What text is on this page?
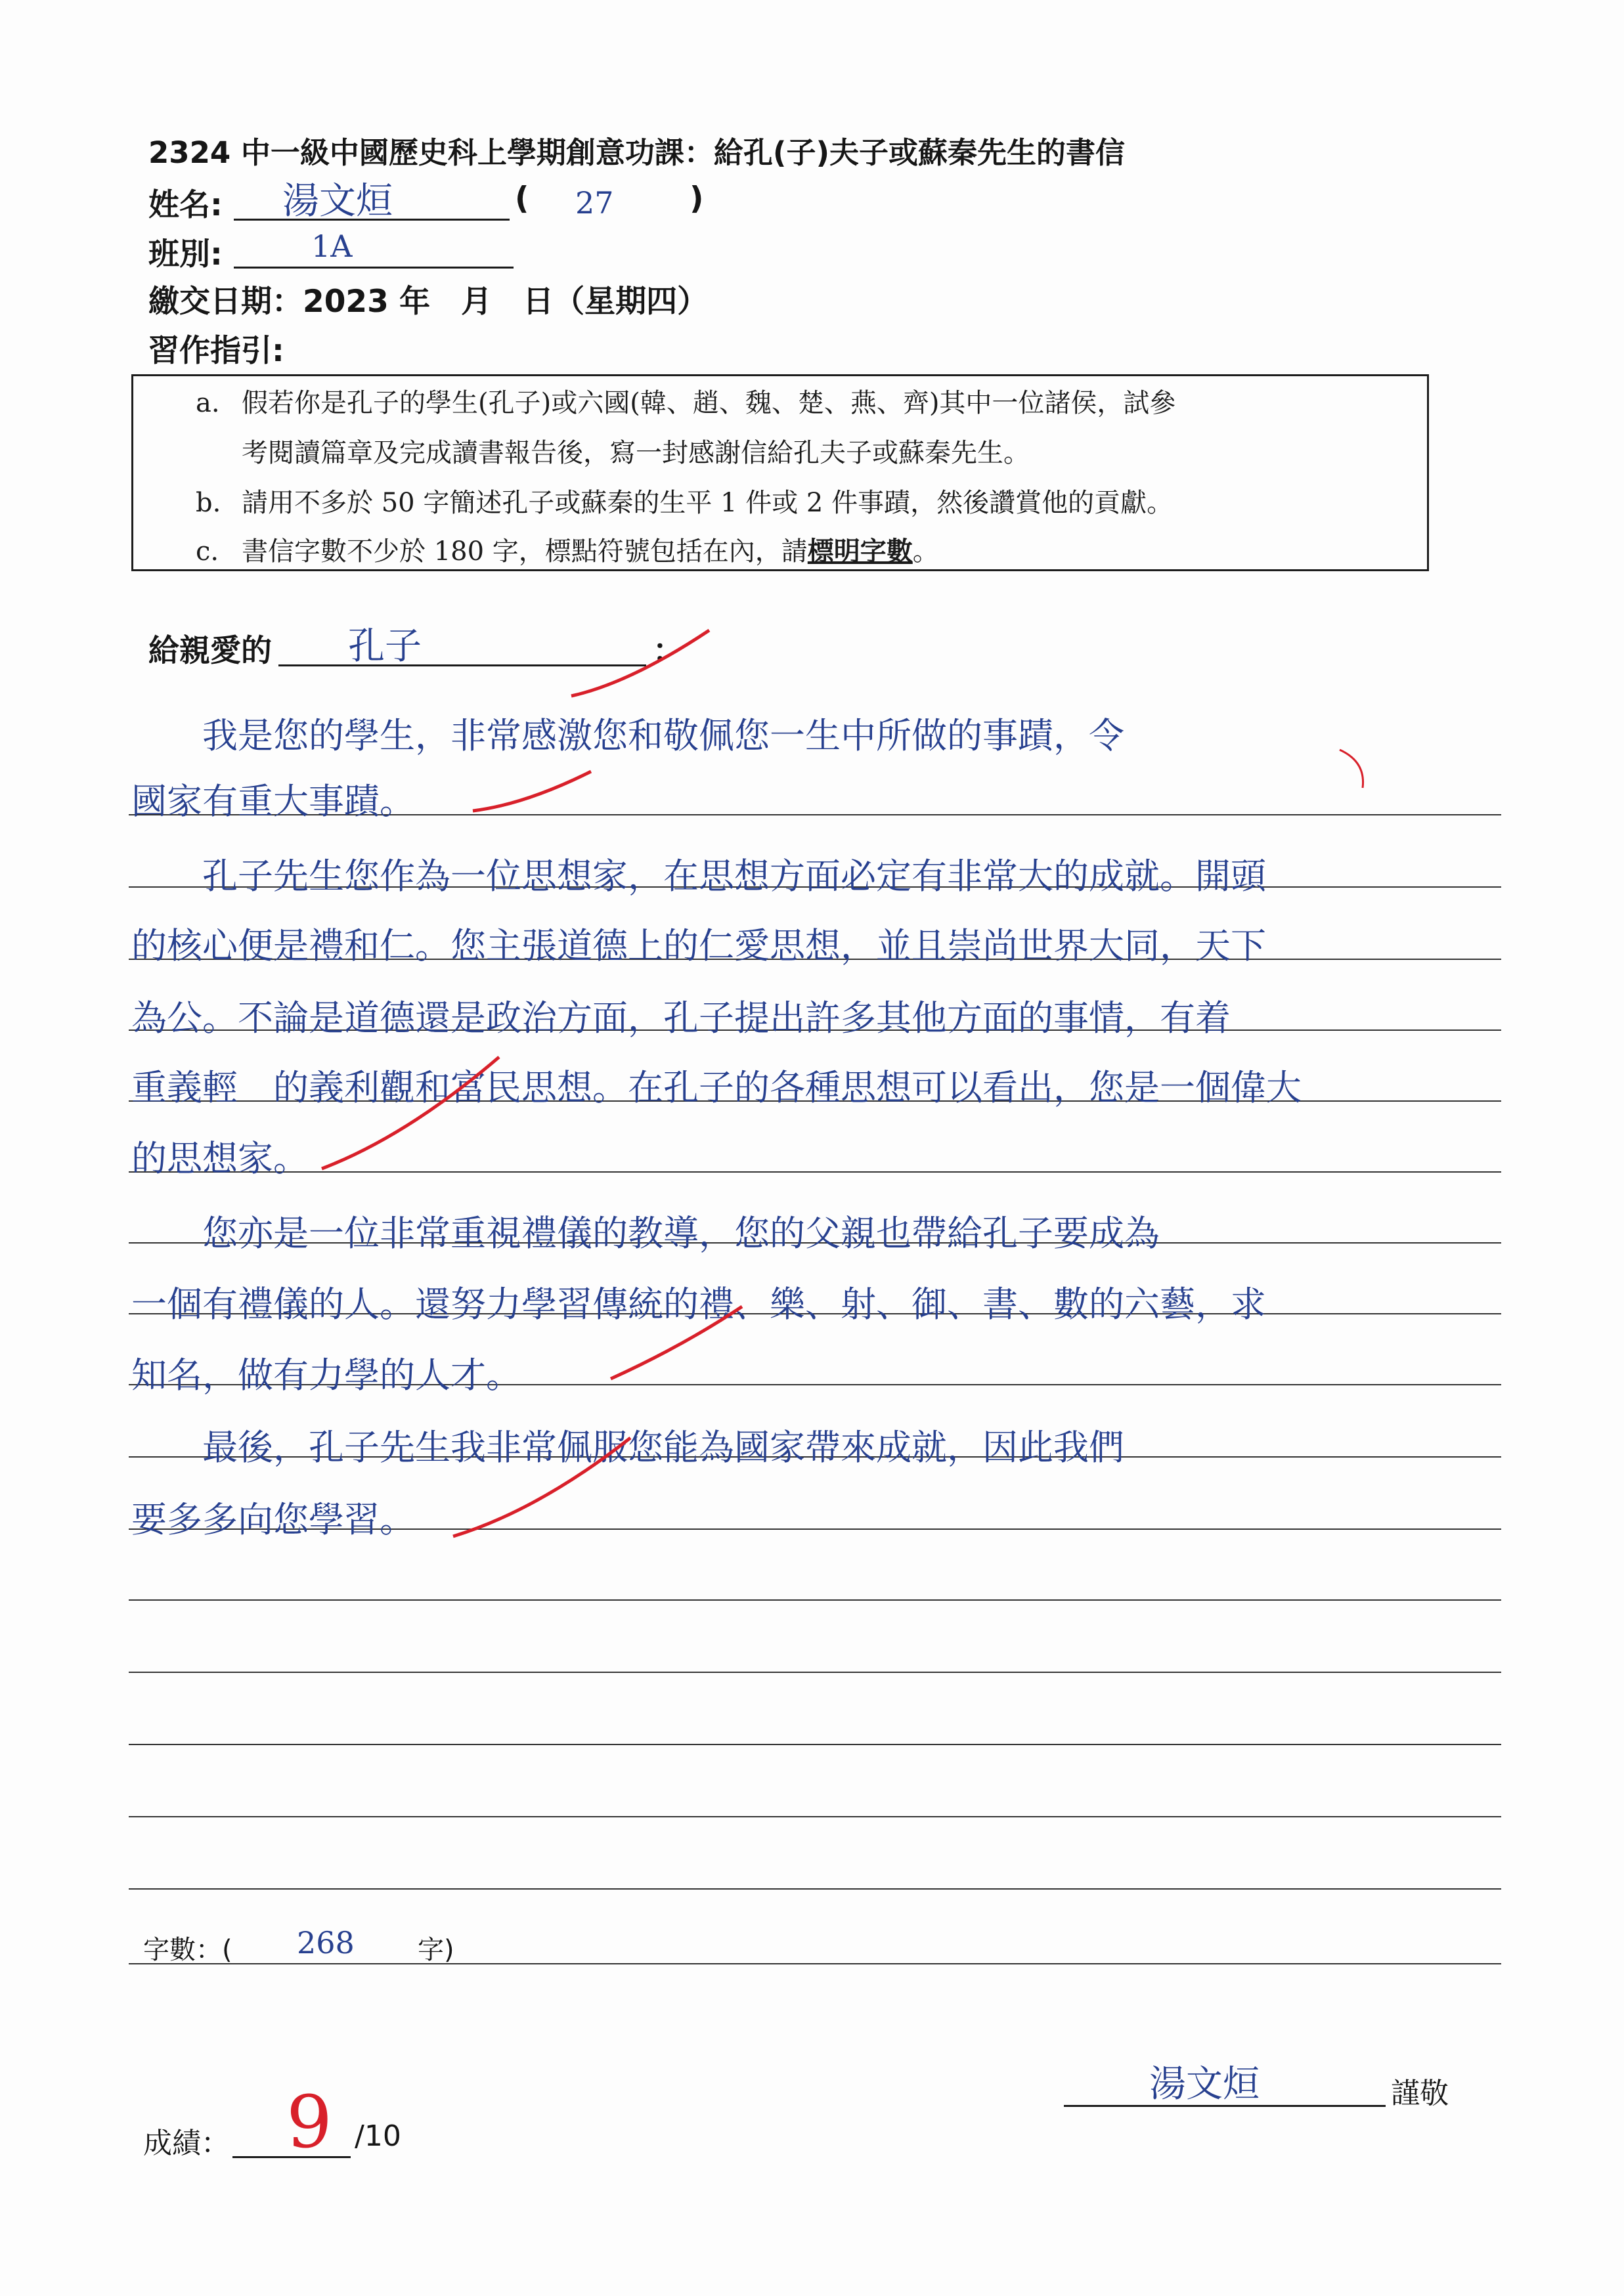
2324 中一級中國歷史科上學期創意功課：給孔(子)夫子或蘇秦先生的書信
姓名: 湯文烜	( 27 )
班別:	1A
繳交日期：2023 年　月　日（星期四）
習作指引:
a. 假若你是孔子的學生(孔子)或六國(韓、趙、魏、楚、燕、齊)其中一位諸侯，試參
考閱讀篇章及完成讀書報告後，寫一封感謝信給孔夫子或蘇秦先生。
b. 請用不多於 50 字簡述孔子或蘇秦的生平 1 件或 2 件事蹟，然後讚賞他的貢獻。
c. 書信字數不少於 180 字，標點符號包括在內，請標明字數。
給親愛的 孔子	：
　　我是您的學生，非常感激您和敬佩您一生中所做的事蹟，令
國家有重大事蹟。
　　孔子先生您作為一位思想家，在思想方面必定有非常大的成就。開頭
的核心便是禮和仁。您主張道德上的仁愛思想，並且崇尚世界大同，天下
為公。不論是道德還是政治方面，孔子提出許多其他方面的事情，有着
重義輕　的義利觀和富民思想。在孔子的各種思想可以看出，您是一個偉大
的思想家。
　　您亦是一位非常重視禮儀的教導，您的父親也帶給孔子要成為
一個有禮儀的人。還努力學習傳統的禮、樂、射、御、書、數的六藝，求
知名，做有力學的人才。
　　最後，孔子先生我非常佩服您能為國家帶來成就，因此我們
要多多向您學習。
字數：( 268 字)
湯文烜	謹敬
成績： 9 /10
